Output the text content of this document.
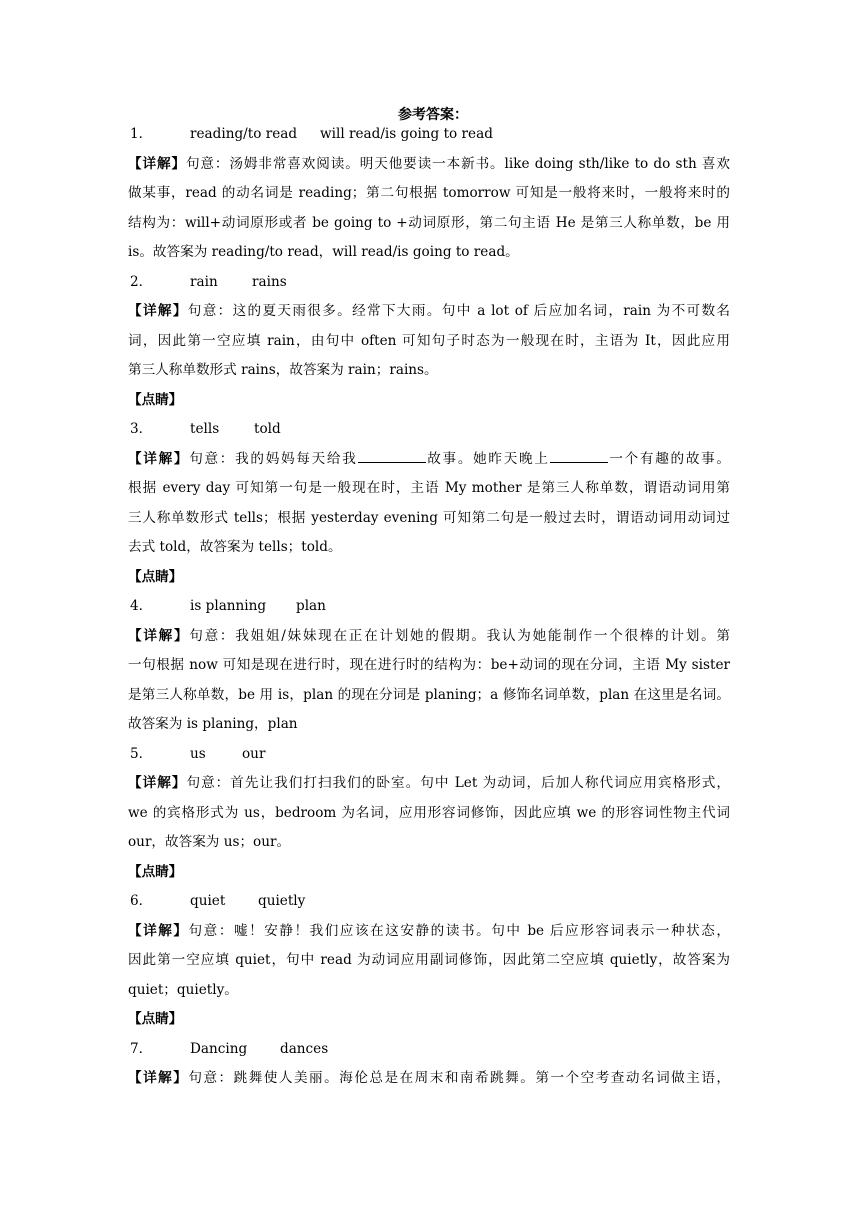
参考答案：
1．	reading/to read will read/is going to read
【详解】句意：汤姆非常喜欢阅读。明天他要读一本新书。like doing sth/like to do sth 喜欢
做某事，read 的动名词是 reading；第二句根据 tomorrow 可知是一般将来时，一般将来时的
结构为：will+动词原形或者 be going to +动词原形，第二句主语 He 是第三人称单数，be 用
is。故答案为 reading/to read，will read/is going to read。
2．	rain	rains
【详解】句意：这的夏天雨很多。经常下大雨。句中 a lot of 后应加名词，rain 为不可数名
词，因此第一空应填 rain，由句中 often 可知句子时态为一般现在时，主语为 It，因此应用
第三人称单数形式 rains，故答案为 rain；rains。
【点睛】
3．	tells	told
【详解】句意：我的妈妈每天给我	故事。她昨天晚上	一个有趣的故事。
根据 every day 可知第一句是一般现在时，主语 My mother 是第三人称单数，谓语动词用第
三人称单数形式 tells；根据 yesterday evening 可知第二句是一般过去时，谓语动词用动词过
去式 told，故答案为 tells；told。
【点睛】
4．	is planning plan
【详解】句意：我姐姐/妹妹现在正在计划她的假期。我认为她能制作一个很棒的计划。第
一句根据 now 可知是现在进行时，现在进行时的结构为：be+动词的现在分词，主语 My sister
是第三人称单数，be 用 is，plan 的现在分词是 planing；a 修饰名词单数，plan 在这里是名词。
故答案为 is planing，plan
5．	us	our
【详解】句意：首先让我们打扫我们的卧室。句中 Let 为动词，后加人称代词应用宾格形式，
we 的宾格形式为 us，bedroom 为名词，应用形容词修饰，因此应填 we 的形容词性物主代词
our，故答案为 us；our。
【点睛】
6．	quiet quietly
【详解】句意：嘘！安静！我们应该在这安静的读书。句中 be 后应形容词表示一种状态，
因此第一空应填 quiet，句中 read 为动词应用副词修饰，因此第二空应填 quietly，故答案为
quiet；quietly。
【点睛】
7．	Dancing dances
【详解】句意：跳舞使人美丽。海伦总是在周末和南希跳舞。第一个空考查动名词做主语，
